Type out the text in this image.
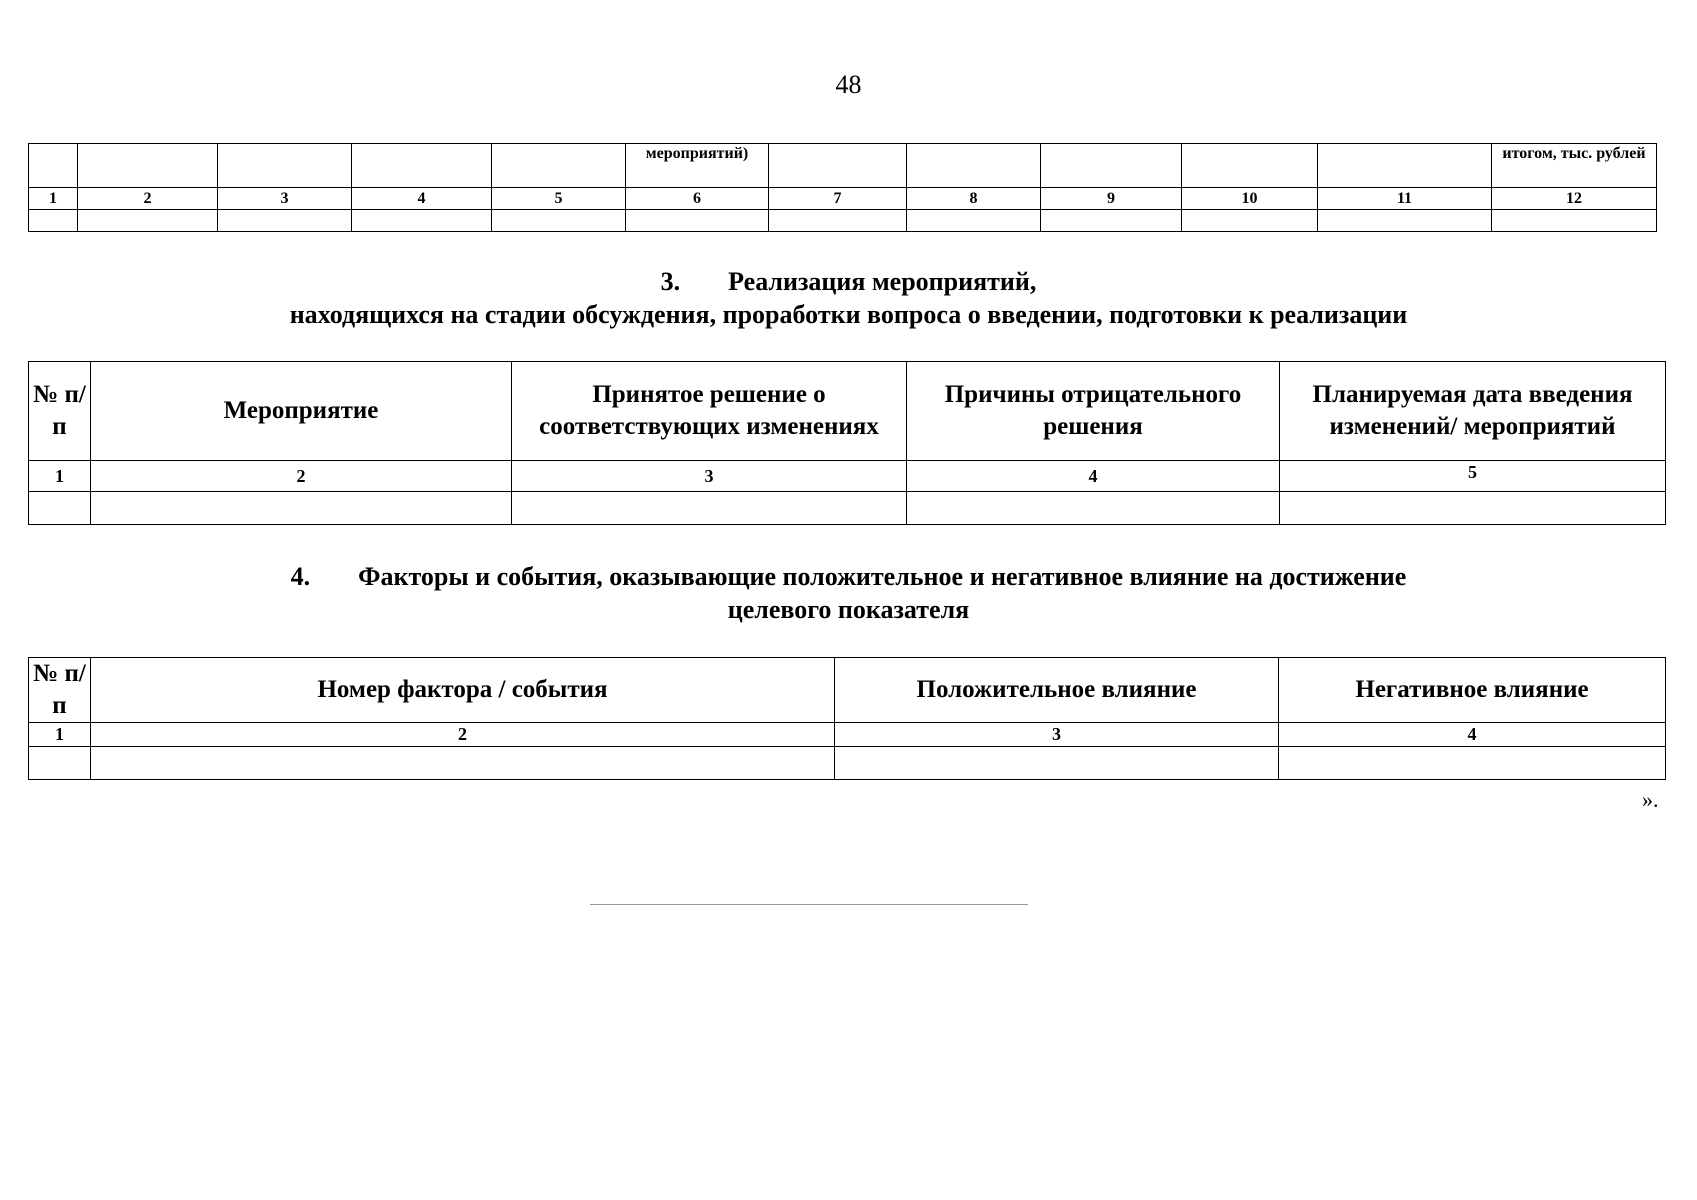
48
					мероприятий)						итогом, тыс. рублей
1	2	3	4	5	6	7	8	9	10	11	12

3. Реализация мероприятий,
находящихся на стадии обсуждения, проработки вопроса о введении, подготовки к реализации
№ п/п	Мероприятие	Принятое решение о соответствующих изменениях	Причины отрицательного решения	Планируемая дата введения изменений/ мероприятий
1	2	3	4	5

4. Факторы и события, оказывающие положительное и негативное влияние на достижение
целевого показателя
№ п/п	Номер фактора / события	Положительное влияние	Негативное влияние
1	2	3	4

».
